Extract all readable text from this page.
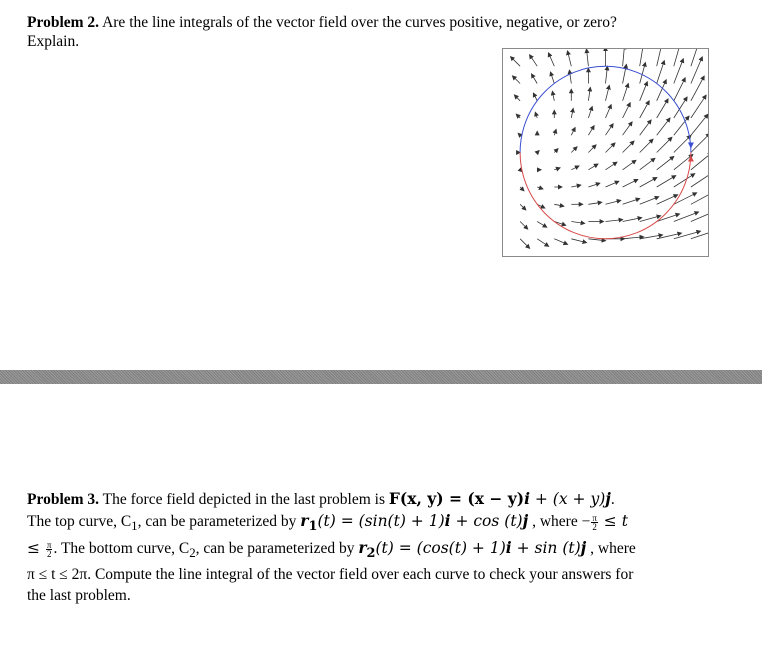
Problem 2. Are the line integrals of the vector field over the curves positive, negative, or zero? Explain.
Problem 3. The force field depicted in the last problem is F(x, y) = (x − y)i + (x + y)j. The top curve, $C_1$, can be parameterized by $r_1(t) = (\sin(t) + 1)i + \cos (t)j$ , where − $\frac{\pi}{2} \le t \le \frac{\pi}{2}$ . The bottom curve, $C_2$, can be parameterized by $r_2(t) = (\cos(t) + 1)i + \sin (t)j$ , where π ≤ t ≤ 2π. Compute the line integral of the vector field over each curve to check your answers for the last problem.
